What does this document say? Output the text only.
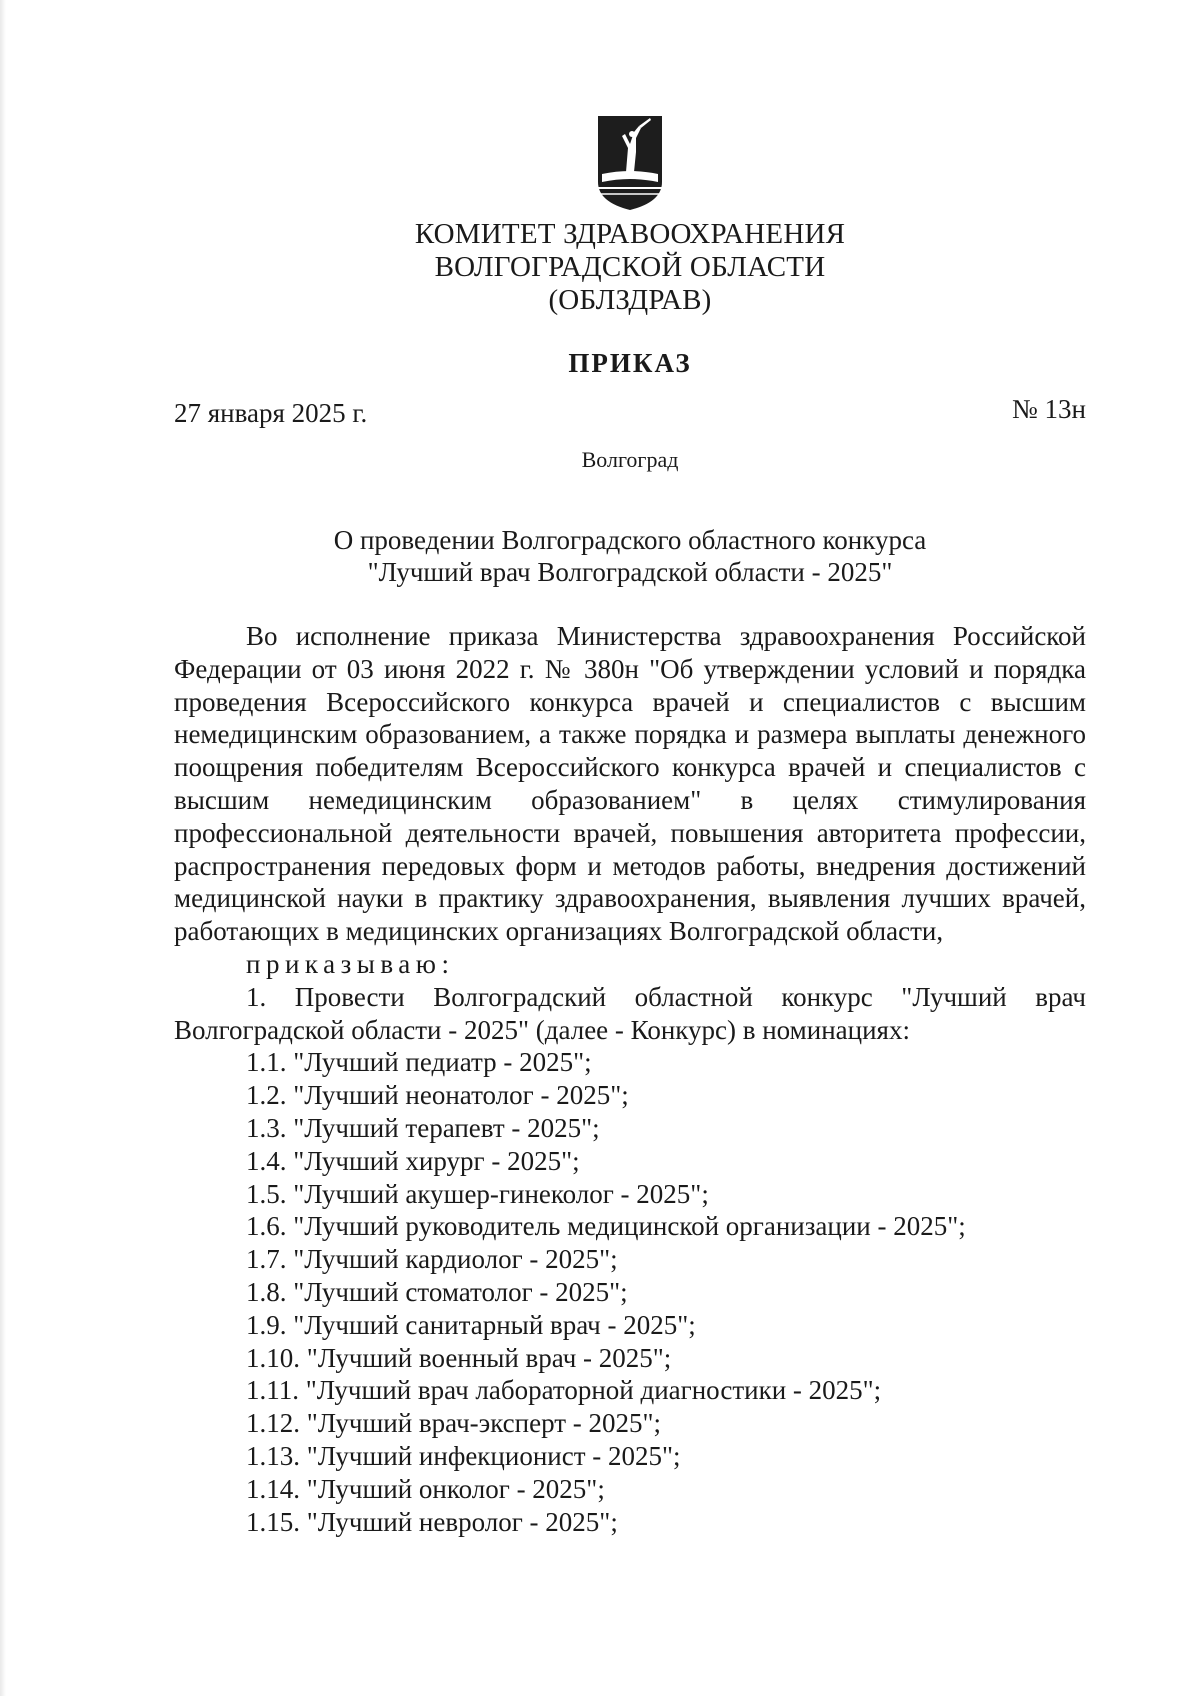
КОМИТЕТ ЗДРАВООХРАНЕНИЯ
ВОЛГОГРАДСКОЙ ОБЛАСТИ
(ОБЛЗДРАВ)
ПРИКАЗ
27 января 2025 г.	№ 13н
Волгоград
О проведении Волгоградского областного конкурса
"Лучший врач Волгоградской области - 2025"

Во исполнение приказа Министерства здравоохранения Российской Федерации от 03 июня 2022 г. № 380н "Об утверждении условий и порядка проведения Всероссийского конкурса врачей и специалистов с высшим немедицинским образованием, а также порядка и размера выплаты денежного поощрения победителям Всероссийского конкурса врачей и специалистов с высшим немедицинским образованием" в целях стимулирования профессиональной деятельности врачей, повышения авторитета профессии, распространения передовых форм и методов работы, внедрения достижений медицинской науки в практику здравоохранения, выявления лучших врачей, работающих в медицинских организациях Волгоградской области,

приказываю:

1. Провести Волгоградский областной конкурс "Лучший врач Волгоградской области - 2025" (далее - Конкурс) в номинациях:

1.1. "Лучший педиатр - 2025";
1.2. "Лучший неонатолог - 2025";
1.3. "Лучший терапевт - 2025";
1.4. "Лучший хирург - 2025";
1.5. "Лучший акушер-гинеколог - 2025";
1.6. "Лучший руководитель медицинской организации - 2025";
1.7. "Лучший кардиолог - 2025";
1.8. "Лучший стоматолог - 2025";
1.9. "Лучший санитарный врач - 2025";
1.10. "Лучший военный врач - 2025";
1.11. "Лучший врач лабораторной диагностики - 2025";
1.12. "Лучший врач-эксперт - 2025";
1.13. "Лучший инфекционист - 2025";
1.14. "Лучший онколог - 2025";
1.15. "Лучший невролог - 2025";
